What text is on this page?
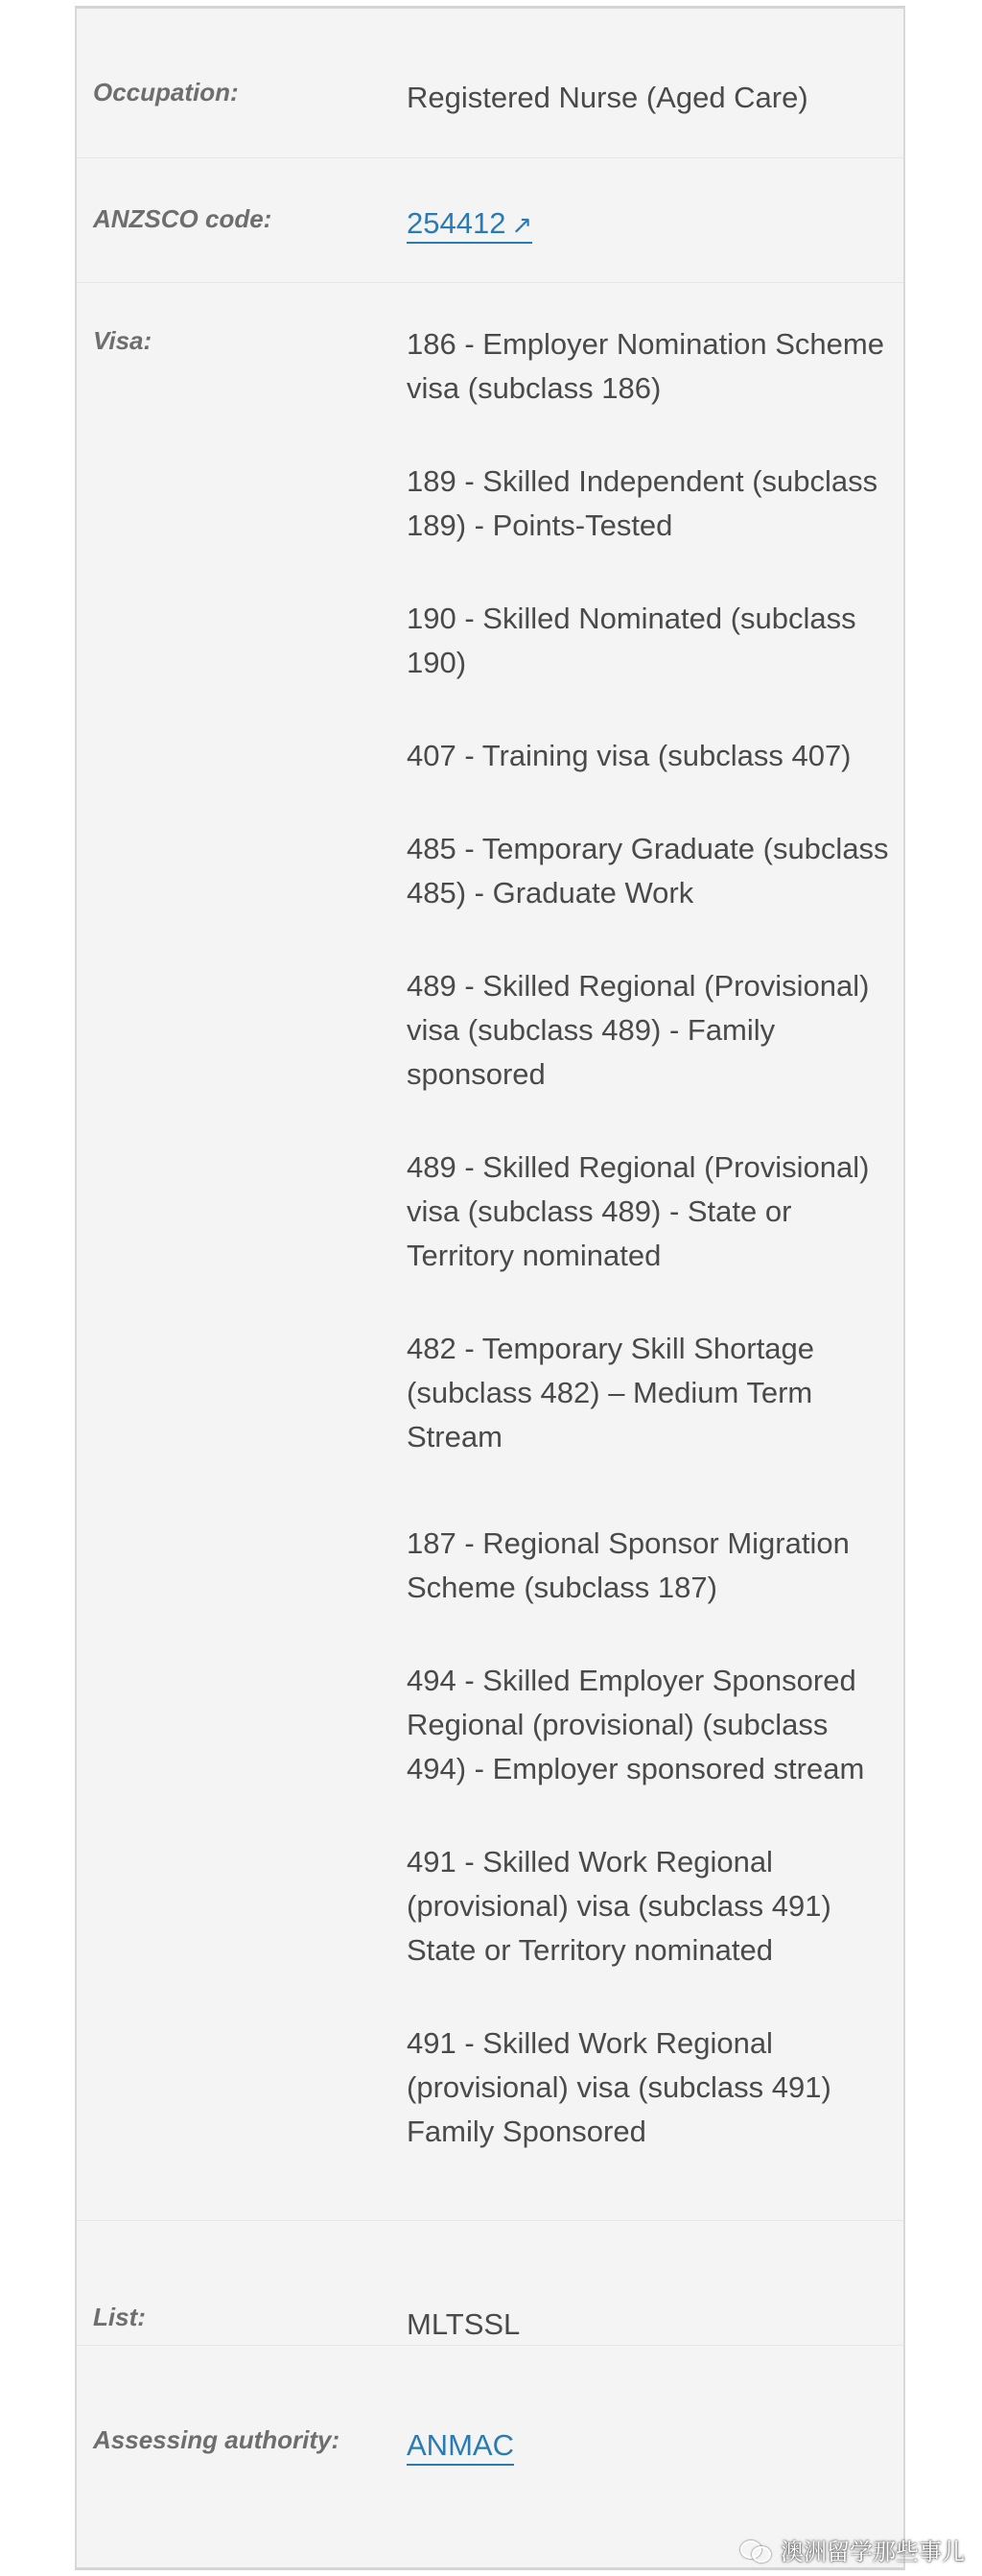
Occupation:	Registered Nurse (Aged Care)
ANZSCO code:	254412 ↗
Visa:	186 - Employer Nomination Scheme visa (subclass 186)
189 - Skilled Independent (subclass 189) - Points-Tested
190 - Skilled Nominated (subclass 190)
407 - Training visa (subclass 407)
485 - Temporary Graduate (subclass 485) - Graduate Work
489 - Skilled Regional (Provisional) visa (subclass 489) - Family sponsored
489 - Skilled Regional (Provisional) visa (subclass 489) - State or Territory nominated
482 - Temporary Skill Shortage (subclass 482) – Medium Term Stream
187 - Regional Sponsor Migration Scheme (subclass 187)
494 - Skilled Employer Sponsored Regional (provisional) (subclass 494) - Employer sponsored stream
491 - Skilled Work Regional (provisional) visa (subclass 491) State or Territory nominated
491 - Skilled Work Regional (provisional) visa (subclass 491) Family Sponsored
List:	MLTSSL
Assessing authority: ANMAC
澳洲留学那些事儿
